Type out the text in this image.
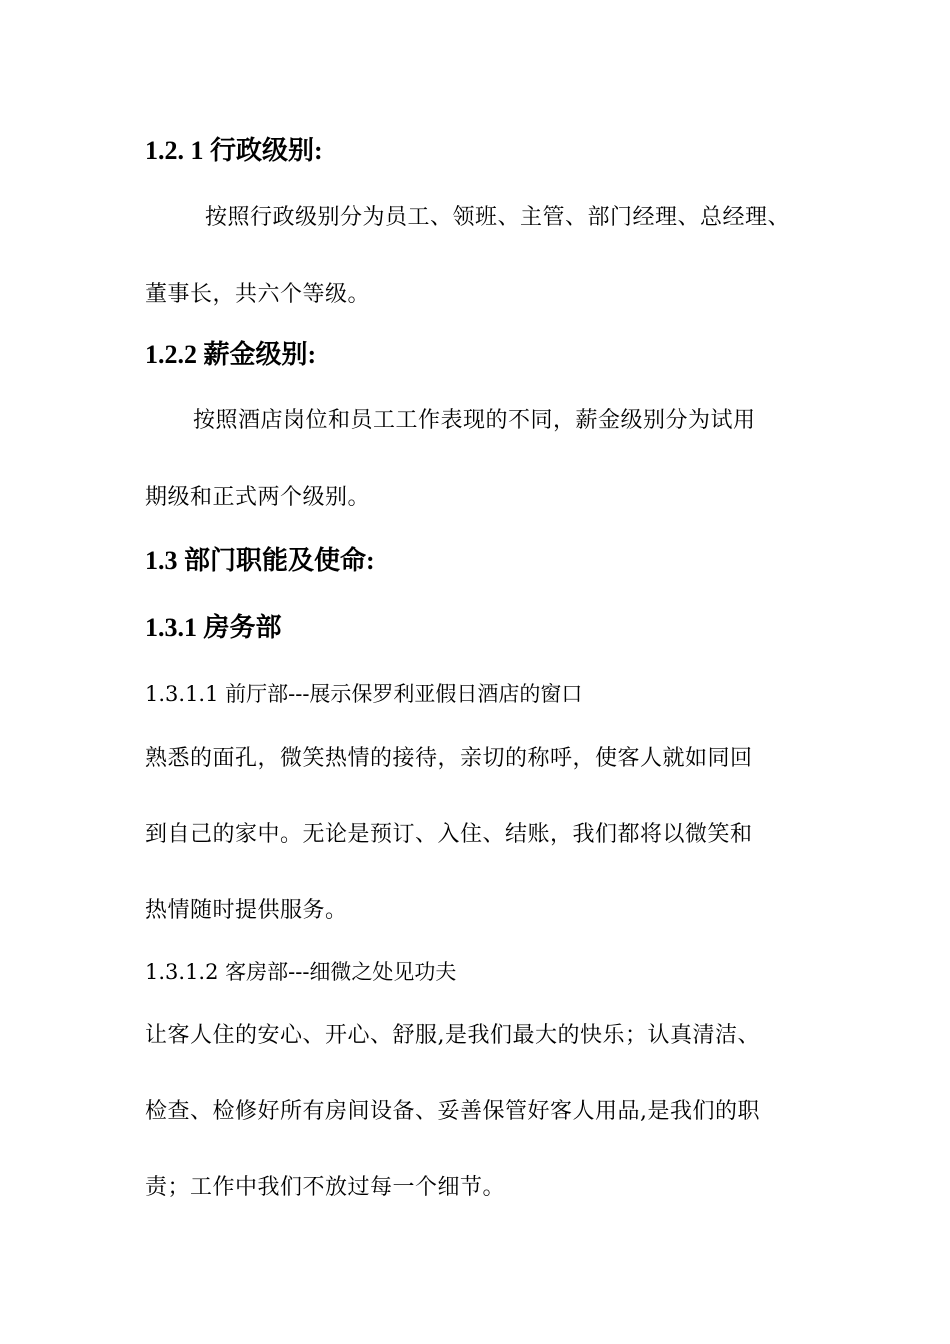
1.2. 1 行政级别:
按照行政级别分为员工、领班、主管、部门经理、总经理、
董事长，共六个等级。
1.2.2 薪金级别:
按照酒店岗位和员工工作表现的不同，薪金级别分为试用
期级和正式两个级别。
1.3 部门职能及使命:
1.3.1 房务部
1.3.1.1 前厅部---展示保罗利亚假日酒店的窗口
熟悉的面孔，微笑热情的接待，亲切的称呼，使客人就如同回
到自己的家中。无论是预订、入住、结账，我们都将以微笑和
热情随时提供服务。
1.3.1.2 客房部---细微之处见功夫
让客人住的安心、开心、舒服,是我们最大的快乐；认真清洁、
检查、检修好所有房间设备、妥善保管好客人用品,是我们的职
责；工作中我们不放过每一个细节。
